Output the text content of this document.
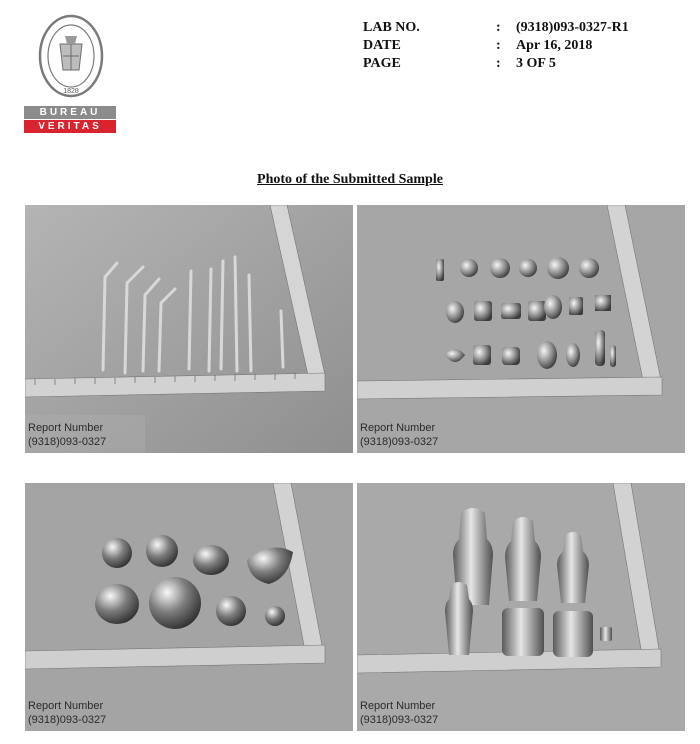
1828
BUREAU
VERITAS
LAB NO.	: (9318)093-0327-R1
DATE	: Apr 16, 2018
PAGE	: 3 OF 5
Photo of the Submitted Sample
Report Number
(9318)093-0327
Report Number
(9318)093-0327
Report Number
(9318)093-0327
Report Number
(9318)093-0327
